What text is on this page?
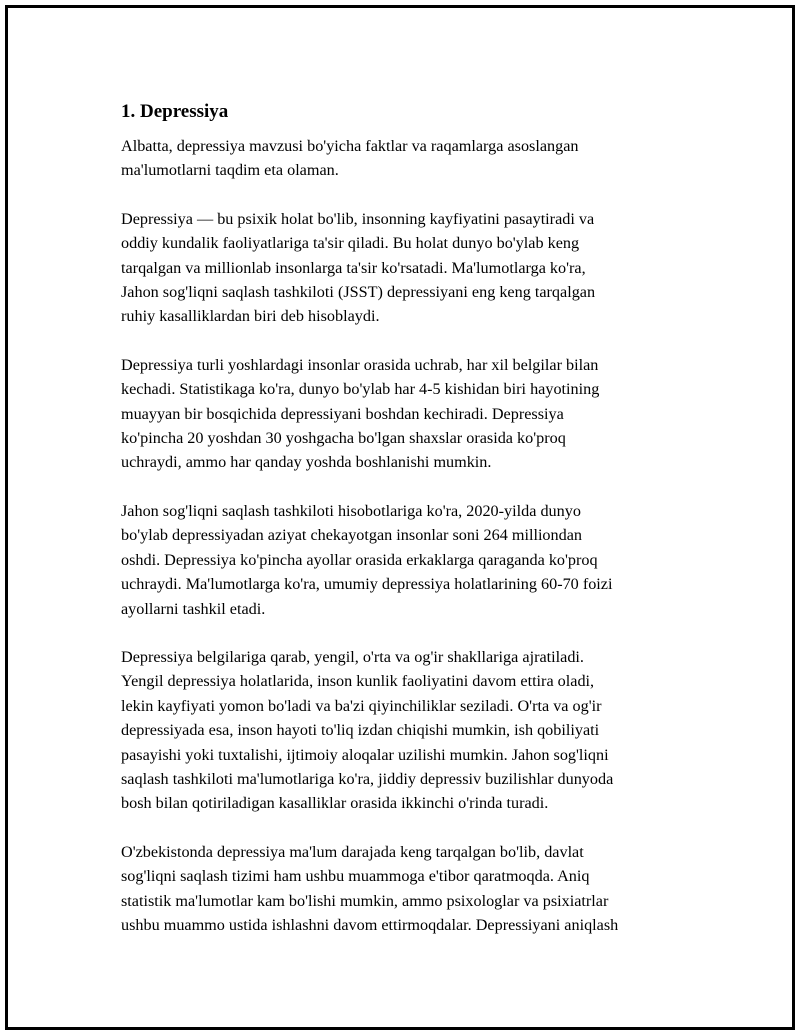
1. Depressiya

Albatta, depressiya mavzusi bo'yicha faktlar va raqamlarga asoslangan
ma'lumotlarni taqdim eta olaman.

Depressiya — bu psixik holat bo'lib, insonning kayfiyatini pasaytiradi va
oddiy kundalik faoliyatlariga ta'sir qiladi. Bu holat dunyo bo'ylab keng
tarqalgan va millionlab insonlarga ta'sir ko'rsatadi. Ma'lumotlarga ko'ra,
Jahon sog'liqni saqlash tashkiloti (JSST) depressiyani eng keng tarqalgan
ruhiy kasalliklardan biri deb hisoblaydi.

Depressiya turli yoshlardagi insonlar orasida uchrab, har xil belgilar bilan
kechadi. Statistikaga ko'ra, dunyo bo'ylab har 4-5 kishidan biri hayotining
muayyan bir bosqichida depressiyani boshdan kechiradi. Depressiya
ko'pincha 20 yoshdan 30 yoshgacha bo'lgan shaxslar orasida ko'proq
uchraydi, ammo har qanday yoshda boshlanishi mumkin.

Jahon sog'liqni saqlash tashkiloti hisobotlariga ko'ra, 2020-yilda dunyo
bo'ylab depressiyadan aziyat chekayotgan insonlar soni 264 milliondan
oshdi. Depressiya ko'pincha ayollar orasida erkaklarga qaraganda ko'proq
uchraydi. Ma'lumotlarga ko'ra, umumiy depressiya holatlarining 60-70 foizi
ayollarni tashkil etadi.

Depressiya belgilariga qarab, yengil, o'rta va og'ir shakllariga ajratiladi.
Yengil depressiya holatlarida, inson kunlik faoliyatini davom ettira oladi,
lekin kayfiyati yomon bo'ladi va ba'zi qiyinchiliklar seziladi. O'rta va og'ir
depressiyada esa, inson hayoti to'liq izdan chiqishi mumkin, ish qobiliyati
pasayishi yoki tuxtalishi, ijtimoiy aloqalar uzilishi mumkin. Jahon sog'liqni
saqlash tashkiloti ma'lumotlariga ko'ra, jiddiy depressiv buzilishlar dunyoda
bosh bilan qotiriladigan kasalliklar orasida ikkinchi o'rinda turadi.

O'zbekistonda depressiya ma'lum darajada keng tarqalgan bo'lib, davlat
sog'liqni saqlash tizimi ham ushbu muammoga e'tibor qaratmoqda. Aniq
statistik ma'lumotlar kam bo'lishi mumkin, ammo psixologlar va psixiatrlar
ushbu muammo ustida ishlashni davom ettirmoqdalar. Depressiyani aniqlash
